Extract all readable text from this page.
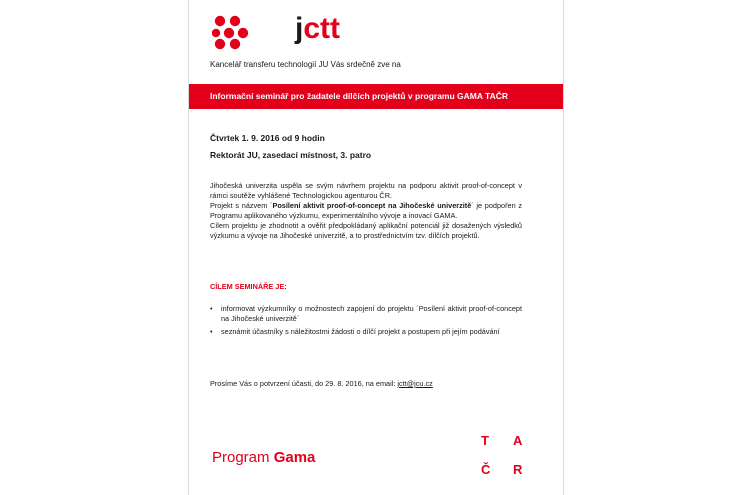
jctt
Kancelář transferu technologií JU Vás srdečně zve na
Informační seminář pro žadatele dílčích projektů v programu GAMA TAČR
Čtvrtek 1. 9. 2016 od 9 hodin
Rektorát JU, zasedací místnost, 3. patro

Jihočeská univerzita uspěla se svým návrhem projektu na podporu aktivit proof-of-concept v rámci soutěže vyhlášené Technologickou agenturou ČR.

Projekt s názvem ´Posílení aktivit proof-of-concept na Jihočeské univerzitě´ je podpořen z Programu aplikovaného výzkumu, experimentálního vývoje a inovací GAMA.

Cílem projektu je zhodnotit a ověřit předpokládaný aplikační potenciál již dosažených výsledků výzkumu a vývoje na Jihočeské univerzitě, a to prostřednictvím tzv. dílčích projektů.

CÍLEM SEMINÁŘE JE:
• informovat výzkumníky o možnostech zapojení do projektu ´Posílení aktivit proof-of-concept na Jihočeské univerzitě´
• seznámit účastníky s náležitostmi žádosti o dílčí projekt a postupem při jejím podávání
Prosíme Vás o potvrzení účasti, do 29. 8. 2016, na email: jctt@jcu.cz
Program Gama
T A
Č R
